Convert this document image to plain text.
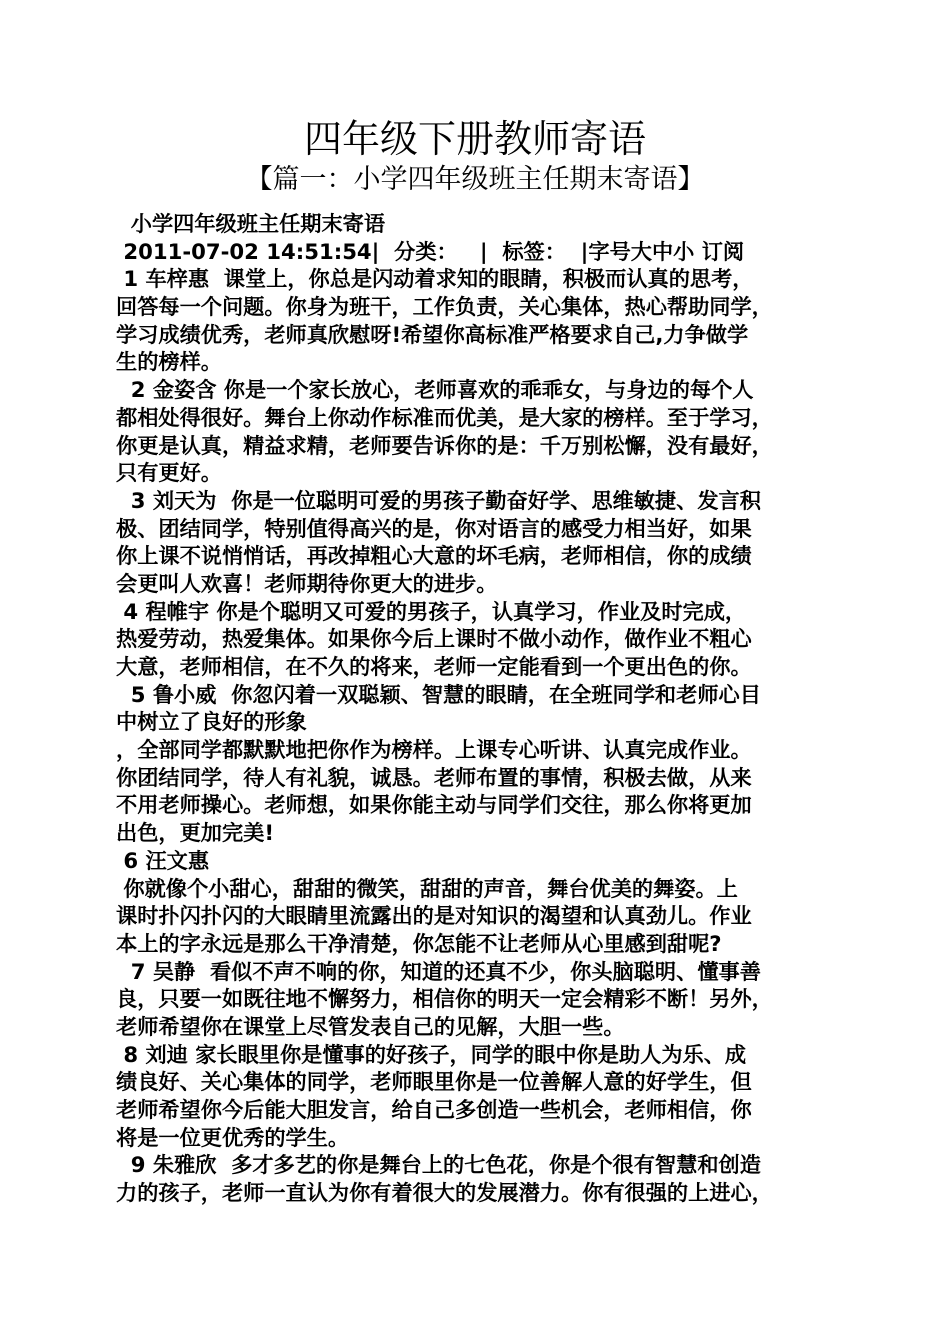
四年级下册教师寄语
【篇一：小学四年级班主任期末寄语】
小学四年级班主任期末寄语
2011-07-02 14:51:54|  分类：   |  标签：  |字号大中小 订阅
1 车梓惠  课堂上，你总是闪动着求知的眼睛，积极而认真的思考，
回答每一个问题。你身为班干，工作负责，关心集体，热心帮助同学，
学习成绩优秀，老师真欣慰呀!希望你高标准严格要求自己,力争做学
生的榜样。
2 金姿含 你是一个家长放心，老师喜欢的乖乖女，与身边的每个人
都相处得很好。舞台上你动作标准而优美，是大家的榜样。至于学习，
你更是认真，精益求精，老师要告诉你的是：千万别松懈，没有最好，
只有更好。
3 刘天为  你是一位聪明可爱的男孩子勤奋好学、思维敏捷、发言积
极、团结同学，特别值得高兴的是，你对语言的感受力相当好，如果
你上课不说悄悄话，再改掉粗心大意的坏毛病，老师相信，你的成绩
会更叫人欢喜！老师期待你更大的进步。
4 程帷宇 你是个聪明又可爱的男孩子，认真学习，作业及时完成，
热爱劳动，热爱集体。如果你今后上课时不做小动作，做作业不粗心
大意，老师相信，在不久的将来，老师一定能看到一个更出色的你。
5 鲁小威  你忽闪着一双聪颖、智慧的眼睛，在全班同学和老师心目
中树立了良好的形象
，全部同学都默默地把你作为榜样。上课专心听讲、认真完成作业。
你团结同学，待人有礼貌，诚恳。老师布置的事情，积极去做，从来
不用老师操心。老师想，如果你能主动与同学们交往，那么你将更加
出色，更加完美!
6 汪文惠
你就像个小甜心，甜甜的微笑，甜甜的声音，舞台优美的舞姿。上
课时扑闪扑闪的大眼睛里流露出的是对知识的渴望和认真劲儿。作业
本上的字永远是那么干净清楚，你怎能不让老师从心里感到甜呢?
7 吴静  看似不声不响的你，知道的还真不少，你头脑聪明、懂事善
良，只要一如既往地不懈努力，相信你的明天一定会精彩不断！另外，
老师希望你在课堂上尽管发表自己的见解，大胆一些。
8 刘迪 家长眼里你是懂事的好孩子，同学的眼中你是助人为乐、成
绩良好、关心集体的同学，老师眼里你是一位善解人意的好学生，但
老师希望你今后能大胆发言，给自己多创造一些机会，老师相信，你
将是一位更优秀的学生。
9 朱雅欣  多才多艺的你是舞台上的七色花，你是个很有智慧和创造
力的孩子，老师一直认为你有着很大的发展潜力。你有很强的上进心，
